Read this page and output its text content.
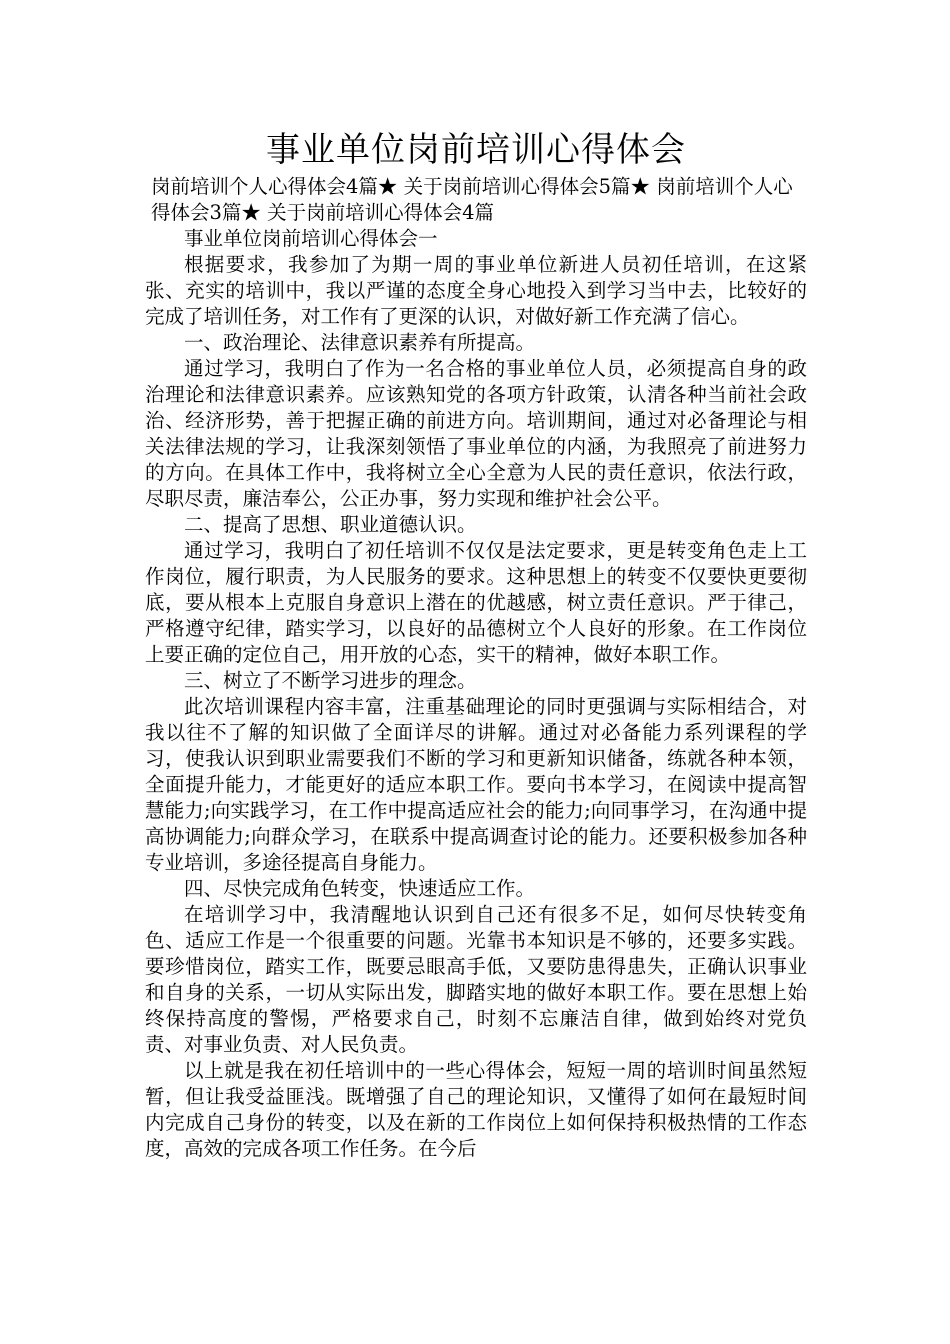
事业单位岗前培训心得体会

岗前培训个人心得体会4篇★ 关于岗前培训心得体会5篇★ 岗前培训个人心得体会3篇★ 关于岗前培训心得体会4篇

事业单位岗前培训心得体会一

根据要求，我参加了为期一周的事业单位新进人员初任培训，在这紧张、充实的培训中，我以严谨的态度全身心地投入到学习当中去，比较好的完成了培训任务，对工作有了更深的认识，对做好新工作充满了信心。

一、政治理论、法律意识素养有所提高。

通过学习，我明白了作为一名合格的事业单位人员，必须提高自身的政治理论和法律意识素养。应该熟知党的各项方针政策，认清各种当前社会政治、经济形势，善于把握正确的前进方向。培训期间，通过对必备理论与相关法律法规的学习，让我深刻领悟了事业单位的内涵，为我照亮了前进努力的方向。在具体工作中，我将树立全心全意为人民的责任意识，依法行政，尽职尽责，廉洁奉公，公正办事，努力实现和维护社会公平。

二、提高了思想、职业道德认识。

通过学习，我明白了初任培训不仅仅是法定要求，更是转变角色走上工作岗位，履行职责，为人民服务的要求。这种思想上的转变不仅要快更要彻底，要从根本上克服自身意识上潜在的优越感，树立责任意识。严于律己，严格遵守纪律，踏实学习，以良好的品德树立个人良好的形象。在工作岗位上要正确的定位自己，用开放的心态，实干的精神，做好本职工作。

三、树立了不断学习进步的理念。

此次培训课程内容丰富，注重基础理论的同时更强调与实际相结合，对我以往不了解的知识做了全面详尽的讲解。通过对必备能力系列课程的学习，使我认识到职业需要我们不断的学习和更新知识储备，练就各种本领，全面提升能力，才能更好的适应本职工作。要向书本学习，在阅读中提高智慧能力;向实践学习，在工作中提高适应社会的能力;向同事学习，在沟通中提高协调能力;向群众学习，在联系中提高调查讨论的能力。还要积极参加各种专业培训，多途径提高自身能力。

四、尽快完成角色转变，快速适应工作。

在培训学习中，我清醒地认识到自己还有很多不足，如何尽快转变角色、适应工作是一个很重要的问题。光靠书本知识是不够的，还要多实践。要珍惜岗位，踏实工作，既要忌眼高手低，又要防患得患失，正确认识事业和自身的关系，一切从实际出发，脚踏实地的做好本职工作。要在思想上始终保持高度的警惕，严格要求自己，时刻不忘廉洁自律，做到始终对党负责、对事业负责、对人民负责。

以上就是我在初任培训中的一些心得体会，短短一周的培训时间虽然短暂，但让我受益匪浅。既增强了自己的理论知识，又懂得了如何在最短时间内完成自己身份的转变，以及在新的工作岗位上如何保持积极热情的工作态度，高效的完成各项工作任务。在今后
